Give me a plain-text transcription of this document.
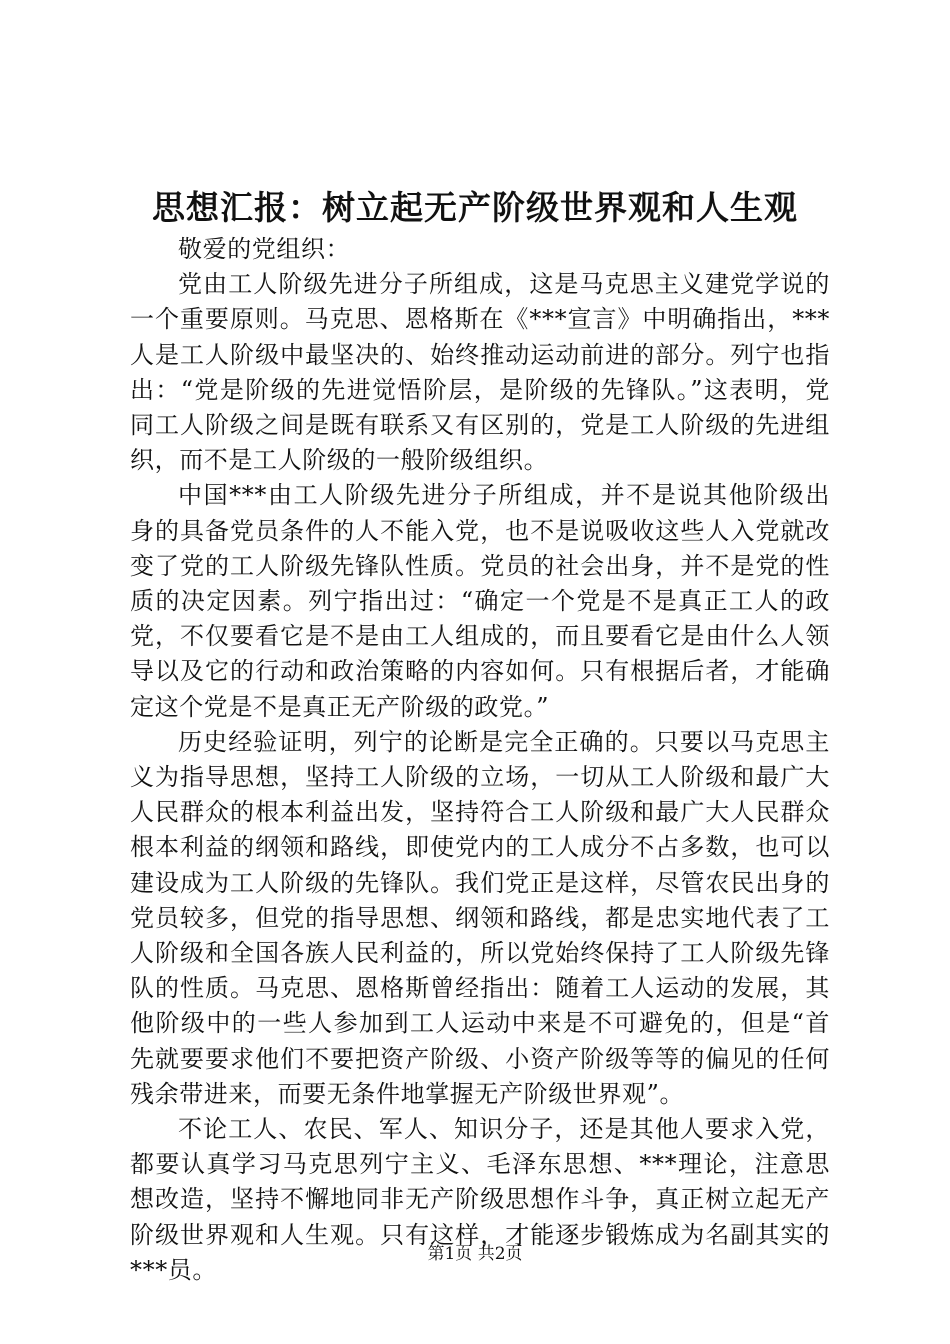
思想汇报：树立起无产阶级世界观和人生观

敬爱的党组织：

党由工人阶级先进分子所组成，这是马克思主义建党学说的一个重要原则。马克思、恩格斯在《***宣言》中明确指出，***人是工人阶级中最坚决的、始终推动运动前进的部分。列宁也指出：“党是阶级的先进觉悟阶层，是阶级的先锋队。”这表明，党同工人阶级之间是既有联系又有区别的，党是工人阶级的先进组织，而不是工人阶级的一般阶级组织。

中国***由工人阶级先进分子所组成，并不是说其他阶级出身的具备党员条件的人不能入党，也不是说吸收这些人入党就改变了党的工人阶级先锋队性质。党员的社会出身，并不是党的性质的决定因素。列宁指出过：“确定一个党是不是真正工人的政党，不仅要看它是不是由工人组成的，而且要看它是由什么人领导以及它的行动和政治策略的内容如何。只有根据后者，才能确定这个党是不是真正无产阶级的政党。”

历史经验证明，列宁的论断是完全正确的。只要以马克思主义为指导思想，坚持工人阶级的立场，一切从工人阶级和最广大人民群众的根本利益出发，坚持符合工人阶级和最广大人民群众根本利益的纲领和路线，即使党内的工人成分不占多数，也可以建设成为工人阶级的先锋队。我们党正是这样，尽管农民出身的党员较多，但党的指导思想、纲领和路线，都是忠实地代表了工人阶级和全国各族人民利益的，所以党始终保持了工人阶级先锋队的性质。马克思、恩格斯曾经指出：随着工人运动的发展，其他阶级中的一些人参加到工人运动中来是不可避免的，但是“首先就要要求他们不要把资产阶级、小资产阶级等等的偏见的任何残余带进来，而要无条件地掌握无产阶级世界观”。

不论工人、农民、军人、知识分子，还是其他人要求入党，都要认真学习马克思列宁主义、毛泽东思想、***理论，注意思想改造，坚持不懈地同非无产阶级思想作斗争，真正树立起无产阶级世界观和人生观。只有这样，才能逐步锻炼成为名副其实的***员。

第1页 共2页
